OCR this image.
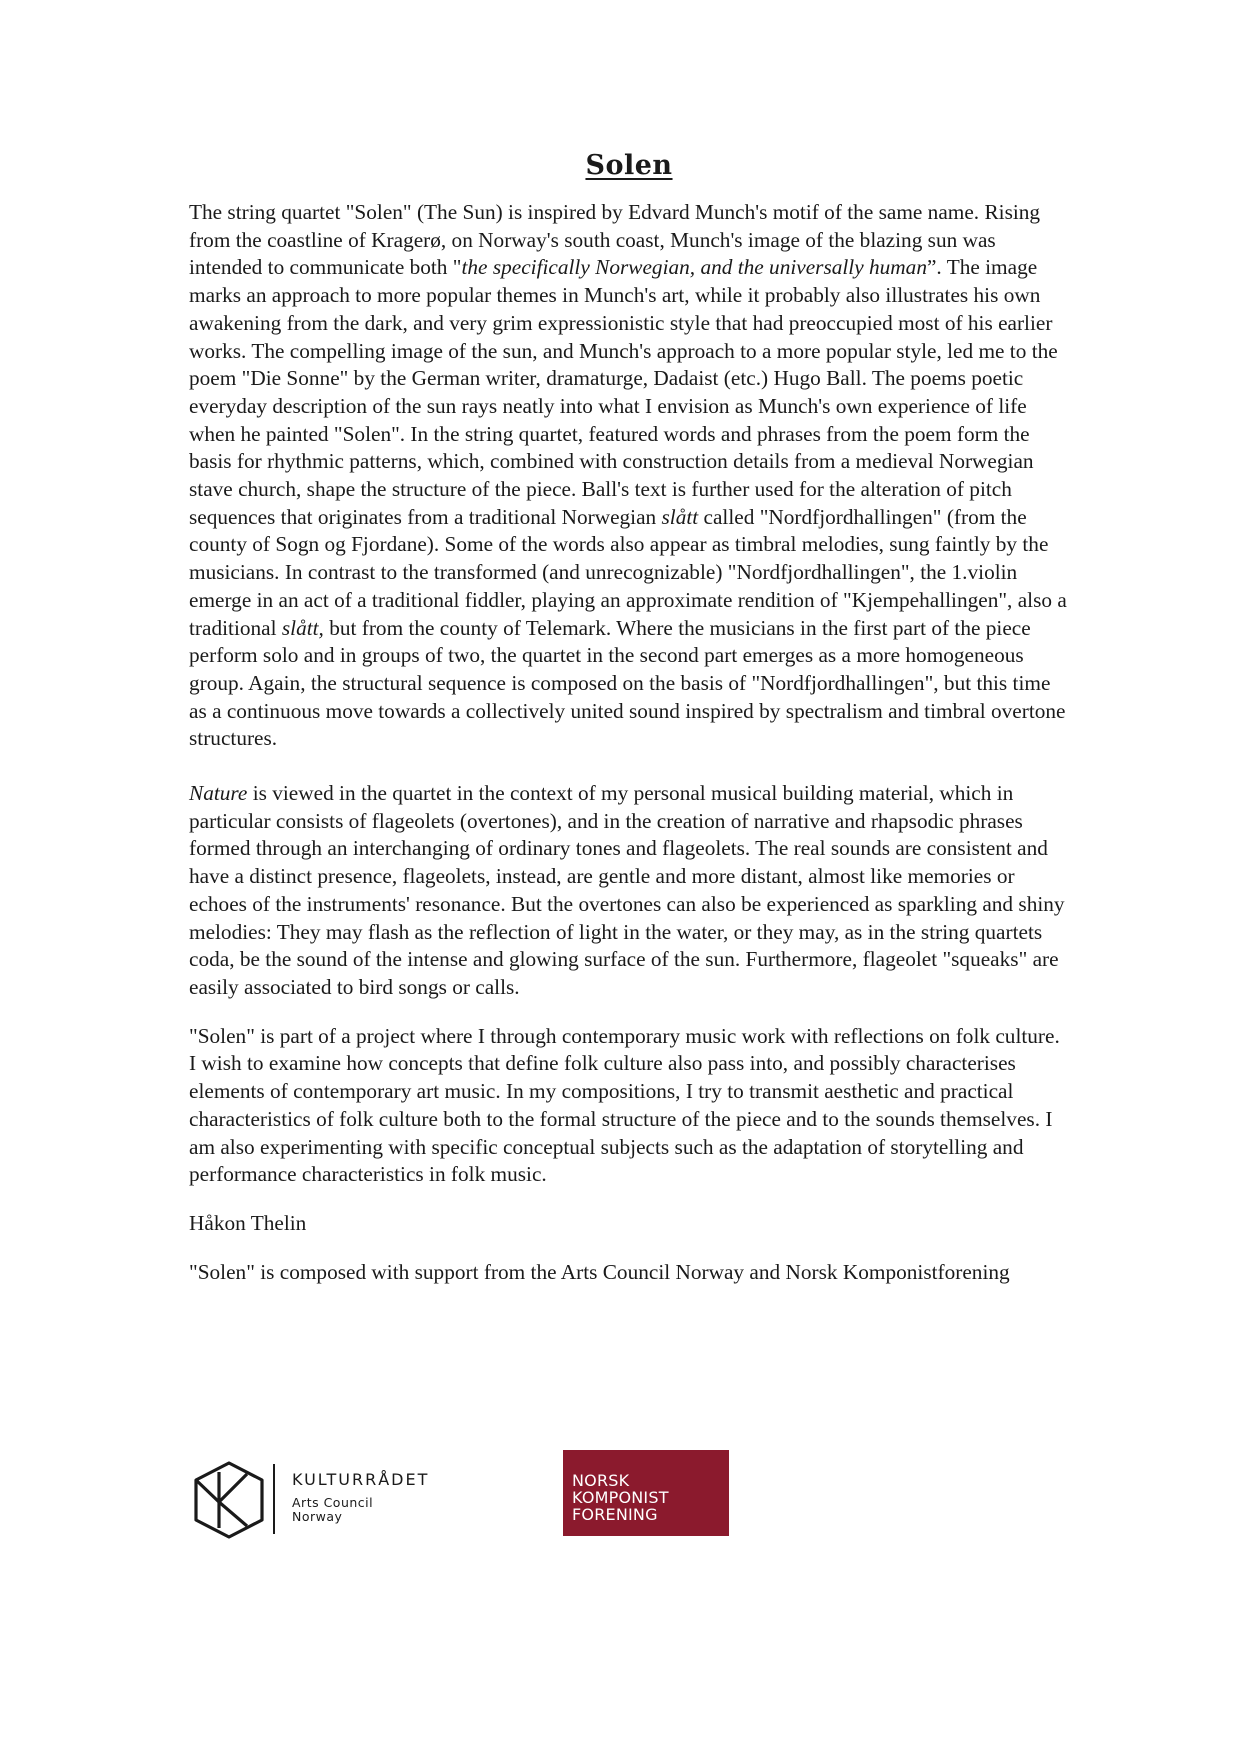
Solen

The string quartet "Solen" (The Sun) is inspired by Edvard Munch's motif of the same name. Rising from the coastline of Kragerø, on Norway's south coast, Munch's image of the blazing sun was intended to communicate both "the specifically Norwegian, and the universally human”. The image marks an approach to more popular themes in Munch's art, while it probably also illustrates his own awakening from the dark, and very grim expressionistic style that had preoccupied most of his earlier works. The compelling image of the sun, and Munch's approach to a more popular style, led me to the poem "Die Sonne" by the German writer, dramaturge, Dadaist (etc.) Hugo Ball. The poems poetic everyday description of the sun rays neatly into what I envision as Munch's own experience of life when he painted "Solen". In the string quartet, featured words and phrases from the poem form the basis for rhythmic patterns, which, combined with construction details from a medieval Norwegian stave church, shape the structure of the piece. Ball's text is further used for the alteration of pitch sequences that originates from a traditional Norwegian slått called "Nordfjordhallingen" (from the county of Sogn og Fjordane). Some of the words also appear as timbral melodies, sung faintly by the musicians. In contrast to the transformed (and unrecognizable) "Nordfjordhallingen", the 1.violin emerge in an act of a traditional fiddler, playing an approximate rendition of "Kjempehallingen", also a traditional slått, but from the county of Telemark. Where the musicians in the first part of the piece perform solo and in groups of two, the quartet in the second part emerges as a more homogeneous group. Again, the structural sequence is composed on the basis of "Nordfjordhallingen", but this time as a continuous move towards a collectively united sound inspired by spectralism and timbral overtone structures.

Nature is viewed in the quartet in the context of my personal musical building material, which in particular consists of flageolets (overtones), and in the creation of narrative and rhapsodic phrases formed through an interchanging of ordinary tones and flageolets. The real sounds are consistent and have a distinct presence, flageolets, instead, are gentle and more distant, almost like memories or echoes of the instruments' resonance. But the overtones can also be experienced as sparkling and shiny melodies: They may flash as the reflection of light in the water, or they may, as in the string quartets coda, be the sound of the intense and glowing surface of the sun. Furthermore, flageolet "squeaks" are easily associated to bird songs or calls.

"Solen" is part of a project where I through contemporary music work with reflections on folk culture. I wish to examine how concepts that define folk culture also pass into, and possibly characterises elements of contemporary art music. In my compositions, I try to transmit aesthetic and practical characteristics of folk culture both to the formal structure of the piece and to the sounds themselves. I am also experimenting with specific conceptual subjects such as the adaptation of storytelling and performance characteristics in folk music.

Håkon Thelin

"Solen" is composed with support from the Arts Council Norway and Norsk Komponistforening

KULTURRÅDET
Arts Council
Norway
NORSK
KOMPONIST
FORENING
